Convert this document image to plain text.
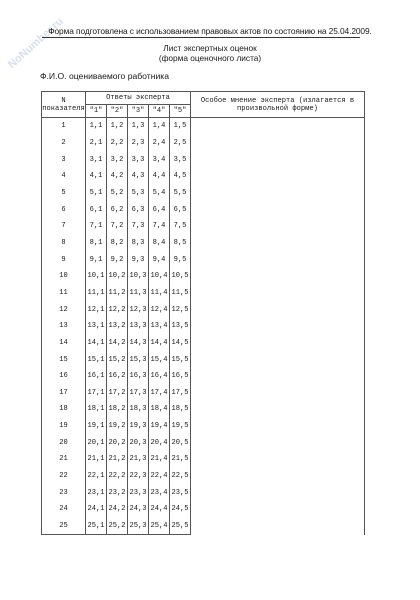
NoNumber.ru
Форма подготовлена с использованием правовых актов по состоянию на 25.04.2009.
Лист экспертных оценок
(форма оценочного листа)
Ф.И.О. оцениваемого работника
N показателя	Ответы эксперта					Особое мнение эксперта (излагается в произвольной форме)
	"1"	"2"	"3"	"4"	"5"	
1	1,1	1,2	1,3	1,4	1,5	
2	2,1	2,2	2,3	2,4	2,5	
3	3,1	3,2	3,3	3,4	3,5	
4	4,1	4,2	4,3	4,4	4,5	
5	5,1	5,2	5,3	5,4	5,5	
6	6,1	6,2	6,3	6,4	6,5	
7	7,1	7,2	7,3	7,4	7,5	
8	8,1	8,2	8,3	8,4	8,5	
9	9,1	9,2	9,3	9,4	9,5	
10	10,1	10,2	10,3	10,4	10,5	
11	11,1	11,2	11,3	11,4	11,5	
12	12,1	12,2	12,3	12,4	12,5	
13	13,1	13,2	13,3	13,4	13,5	
14	14,1	14,2	14,3	14,4	14,5	
15	15,1	15,2	15,3	15,4	15,5	
16	16,1	16,2	16,3	16,4	16,5	
17	17,1	17,2	17,3	17,4	17,5	
18	18,1	18,2	18,3	18,4	18,5	
19	19,1	19,2	19,3	19,4	19,5	
20	20,1	20,2	20,3	20,4	20,5	
21	21,1	21,2	21,3	21,4	21,5	
22	22,1	22,2	22,3	22,4	22,5	
23	23,1	23,2	23,3	23,4	23,5	
24	24,1	24,2	24,3	24,4	24,5	
25	25,1	25,2	25,3	25,4	25,5	
